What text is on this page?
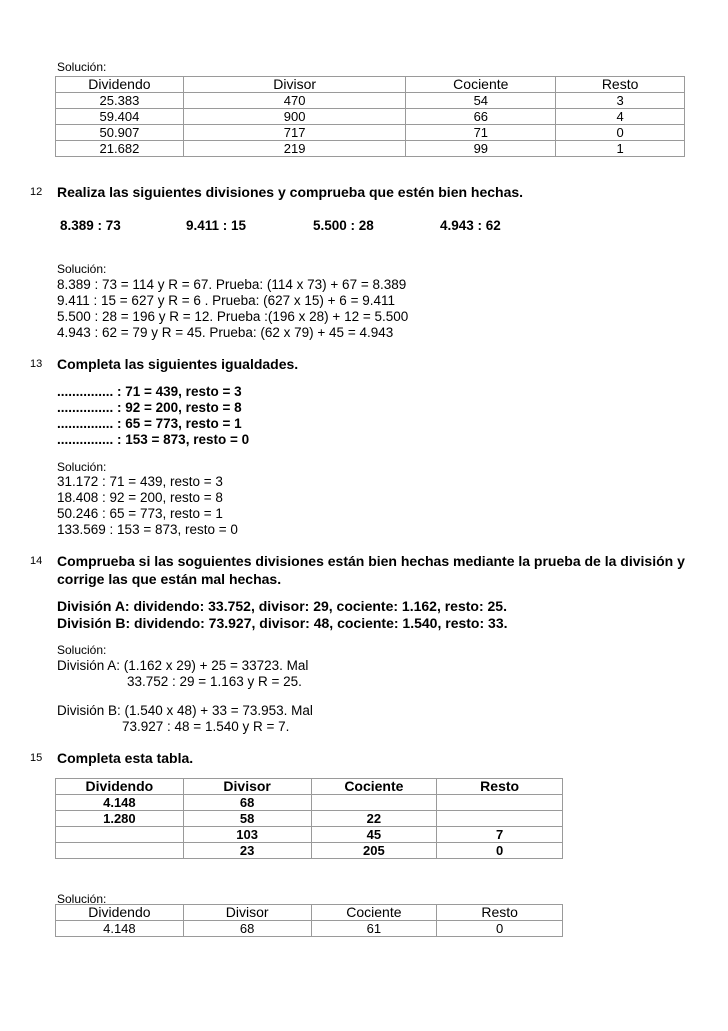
Solución:
Dividendo	Divisor	Cociente	Resto
25.383	470	54	3
59.404	900	66	4
50.907	717	71	0
21.682	219	99	1
12 Realiza las siguientes divisiones y comprueba que estén bien hechas.
8.389 : 73	9.411 : 15	5.500 : 28	4.943 : 62
Solución:
8.389 : 73 = 114 y R = 67. Prueba: (114 x 73) + 67 = 8.389
9.411 : 15 = 627 y R = 6 . Prueba: (627 x 15) + 6 = 9.411
5.500 : 28 = 196 y R = 12. Prueba :(196 x 28) + 12 = 5.500
4.943 : 62 = 79 y R = 45. Prueba: (62 x 79) + 45 = 4.943
13 Completa las siguientes igualdades.
............... : 71 = 439, resto = 3
............... : 92 = 200, resto = 8
............... : 65 = 773, resto = 1
............... : 153 = 873, resto = 0
Solución:
31.172 : 71 = 439, resto = 3
18.408 : 92 = 200, resto = 8
50.246 : 65 = 773, resto = 1
133.569 : 153 = 873, resto = 0
14 Comprueba si las soguientes divisiones están bien hechas mediante la prueba de la división y
corrige las que están mal hechas.
División A: dividendo: 33.752, divisor: 29, cociente: 1.162, resto: 25.
División B: dividendo: 73.927, divisor: 48, cociente: 1.540, resto: 33.
Solución:
División A: (1.162 x 29) + 25 = 33723. Mal
33.752 : 29 = 1.163 y R = 25.
División B: (1.540 x 48) + 33 = 73.953. Mal
73.927 : 48 = 1.540 y R = 7.
15 Completa esta tabla.
Dividendo	Divisor	Cociente	Resto
4.148	68		
1.280	58	22	
	103	45	7
	23	205	0
Solución:
Dividendo	Divisor	Cociente	Resto
4.148	68	61	0
